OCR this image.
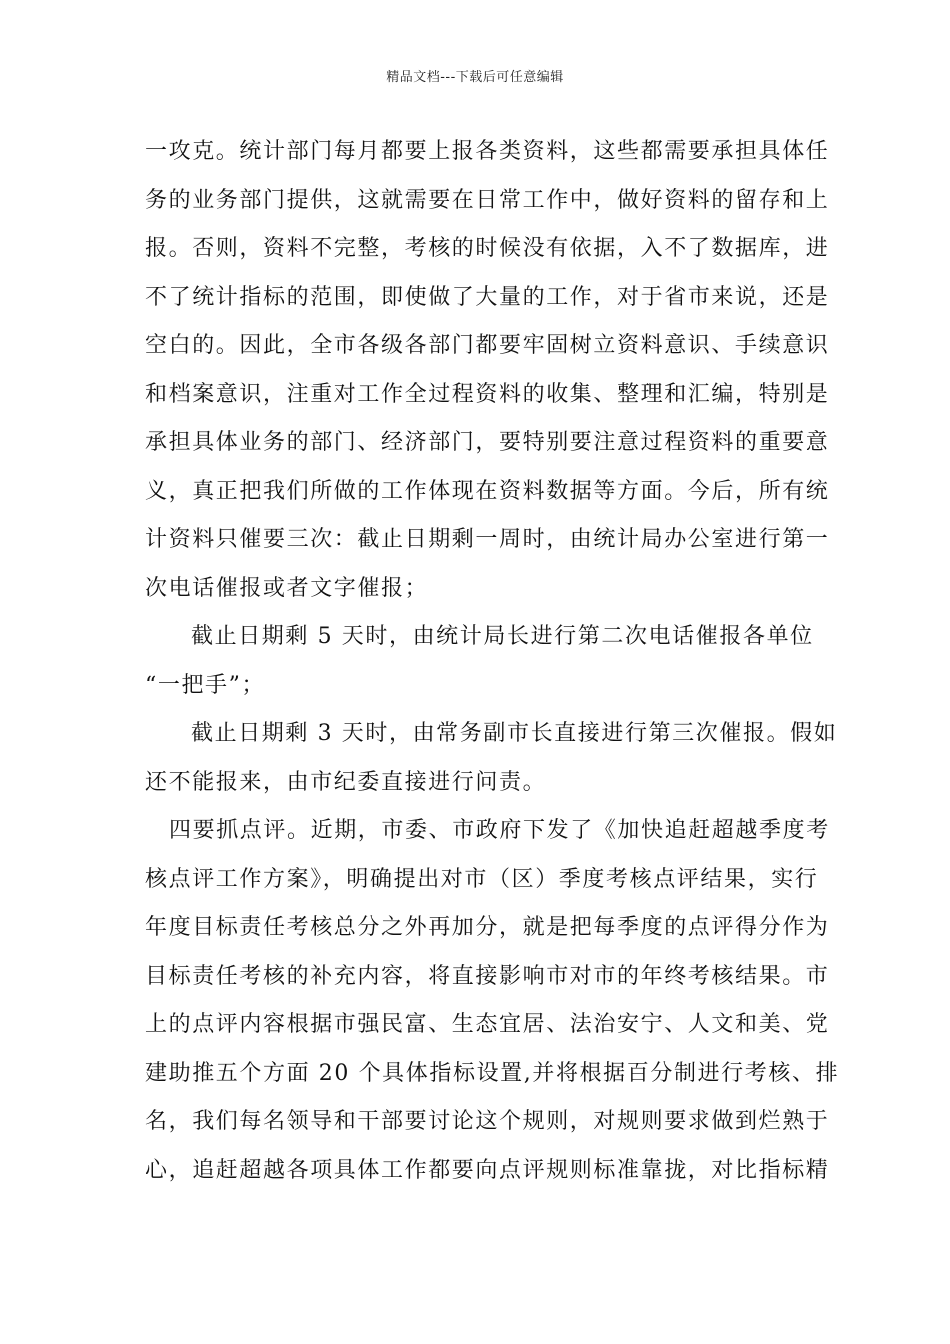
精品文档---下载后可任意编辑
一攻克。统计部门每月都要上报各类资料，这些都需要承担具体任
务的业务部门提供，这就需要在日常工作中，做好资料的留存和上
报。否则，资料不完整，考核的时候没有依据，入不了数据库，进
不了统计指标的范围，即使做了大量的工作，对于省市来说，还是
空白的。因此，全市各级各部门都要牢固树立资料意识、手续意识
和档案意识，注重对工作全过程资料的收集、整理和汇编，特别是
承担具体业务的部门、经济部门，要特别要注意过程资料的重要意
义，真正把我们所做的工作体现在资料数据等方面。今后，所有统
计资料只催要三次：截止日期剩一周时，由统计局办公室进行第一
次电话催报或者文字催报；
截止日期剩 5 天时，由统计局长进行第二次电话催报各单位
“一把手”；
截止日期剩 3 天时，由常务副市长直接进行第三次催报。假如
还不能报来，由市纪委直接进行问责。
四要抓点评。近期，市委、市政府下发了《加快追赶超越季度考
核点评工作方案》，明确提出对市（区）季度考核点评结果，实行
年度目标责任考核总分之外再加分，就是把每季度的点评得分作为
目标责任考核的补充内容，将直接影响市对市的年终考核结果。市
上的点评内容根据市强民富、生态宜居、法治安宁、人文和美、党
建助推五个方面 20 个具体指标设置,并将根据百分制进行考核、排
名，我们每名领导和干部要讨论这个规则，对规则要求做到烂熟于
心，追赶超越各项具体工作都要向点评规则标准靠拢，对比指标精
